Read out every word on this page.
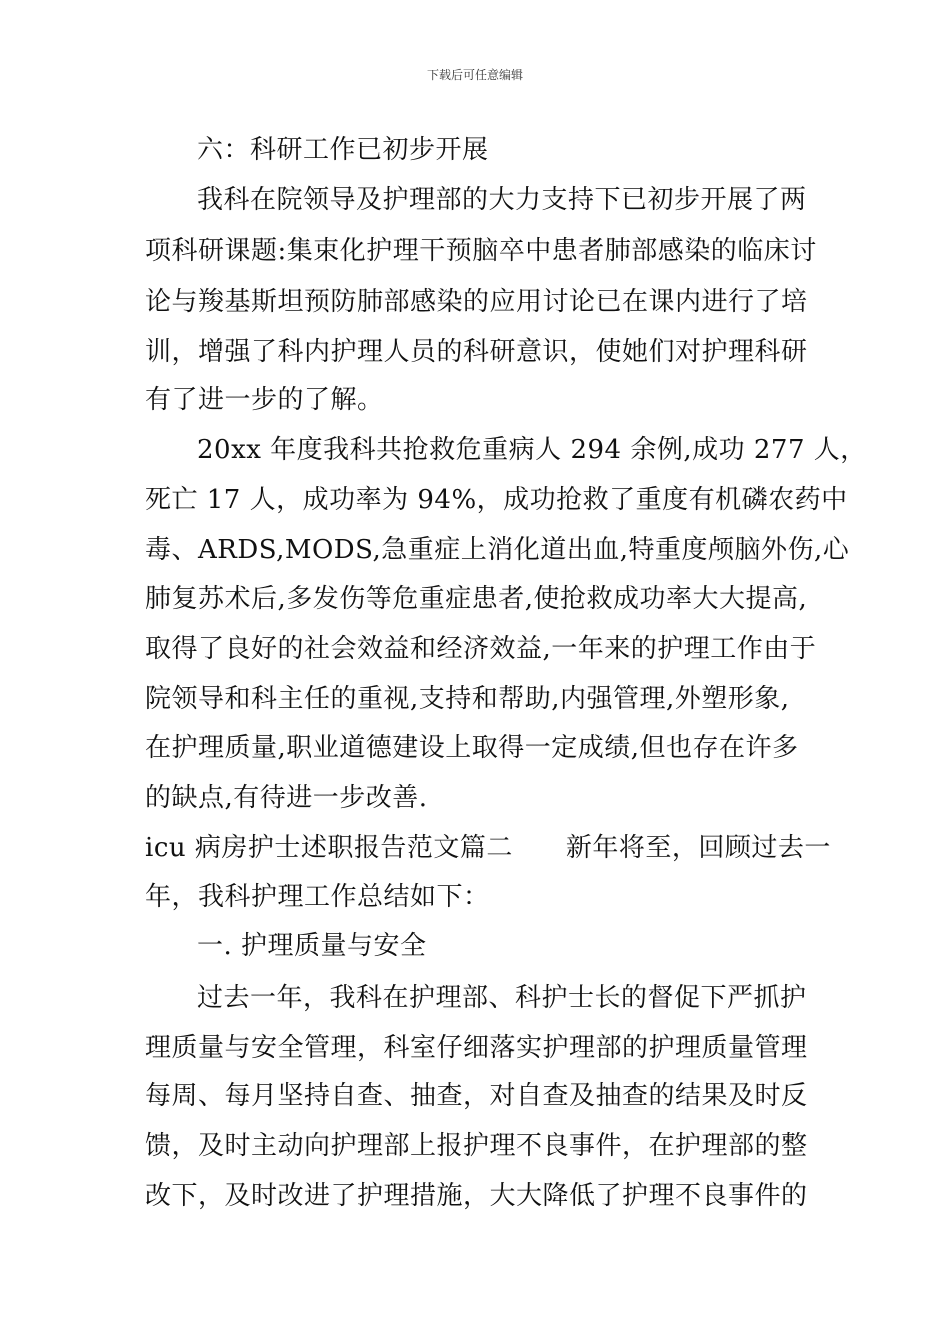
下载后可任意编辑
六：科研工作已初步开展
我科在院领导及护理部的大力支持下已初步开展了两
项科研课题:集束化护理干预脑卒中患者肺部感染的临床讨
论与羧基斯坦预防肺部感染的应用讨论已在课内进行了培
训，增强了科内护理人员的科研意识，使她们对护理科研
有了进一步的了解。
20xx 年度我科共抢救危重病人 294 余例,成功 277 人，
死亡 17 人，成功率为 94%，成功抢救了重度有机磷农药中
毒、ARDS,MODS,急重症上消化道出血,特重度颅脑外伤,心
肺复苏术后,多发伤等危重症患者,使抢救成功率大大提高,
取得了良好的社会效益和经济效益,一年来的护理工作由于
院领导和科主任的重视,支持和帮助,内强管理,外塑形象,
在护理质量,职业道德建设上取得一定成绩,但也存在许多
的缺点,有待进一步改善.
icu 病房护士述职报告范文篇二　　新年将至，回顾过去一
年，我科护理工作总结如下：
一. 护理质量与安全
过去一年，我科在护理部、科护士长的督促下严抓护
理质量与安全管理，科室仔细落实护理部的护理质量管理
每周、每月坚持自查、抽查，对自查及抽查的结果及时反
馈，及时主动向护理部上报护理不良事件，在护理部的整
改下，及时改进了护理措施，大大降低了护理不良事件的
